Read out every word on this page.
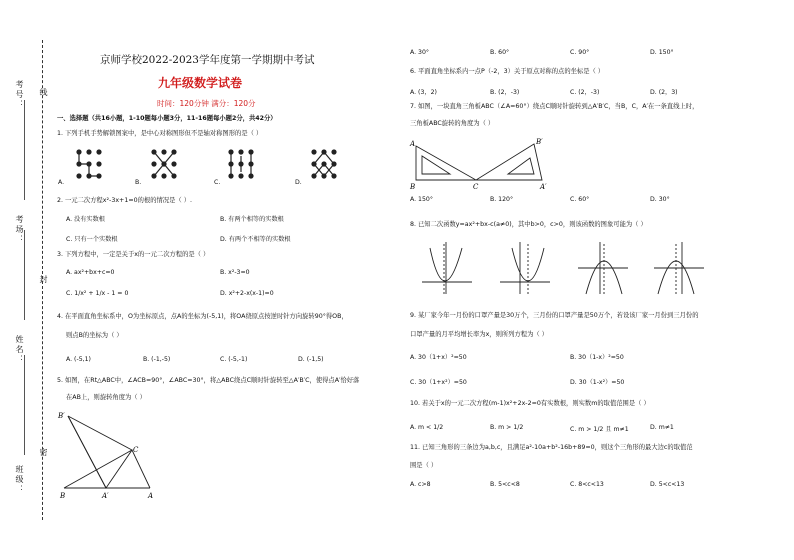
考号：
考场：
姓名：
班级：
线
封
密
京师学校2022-2023学年度第一学期期中考试
九年级数学试卷
时间：120分钟 满分：120分
一、选择题（共16小题，1-10题每小题3分，11-16题每小题2分，共42分）
1. 下列手机手势解锁图案中，是中心对称图形但不是轴对称图形的是（ ）
A.	B.	C.	D.
2. 一元二次方程x²-3x+1=0的根的情况是（ ）.
A. 没有实数根	B. 有两个相等的实数根
C. 只有一个实数根	D. 有两个不相等的实数根
3. 下列方程中，一定是关于x的一元二次方程的是（ ）
A. ax²+bx+c=0	B. x²-3=0
C. 1/x² + 1/x - 1 = 0	D. x²+2-x(x-1)=0
4. 在平面直角坐标系中，O为坐标原点，点A的坐标为(-5,1)，将OA绕原点按逆时针方向旋转90°得OB，
则点B的坐标为（ ）
A. (-5,1)	B. (-1,-5)	C. (-5,-1)	D. (-1,5)
5. 如图，在Rt△ABC中，∠ACB=90°，∠ABC=30°，将△ABC绕点C顺时针旋转至△A′B′C，使得点A′恰好落
在AB上，则旋转角度为（ ）
B′
C
B	A′	A
A. 30°	B. 60°	C. 90°	D. 150°
6. 平面直角坐标系内一点P（-2，3）关于原点对称的点的坐标是（ ）
A. (3，2)	B. (2，-3)	C. (2，-3)	D. (2，3)
7. 如图，一块直角三角板ABC（∠A=60°）绕点C顺时针旋转到△A′B′C，当B，C，A′在一条直线上时，
三角板ABC旋转的角度为（ ）
A
B	C
B′
A′
A. 150°	B. 120°	C. 60°	D. 30°
8. 已知二次函数y=ax²+bx-c(a≠0)，其中b>0，c>0，则该函数的图象可能为（ ）
9. 某厂家今年一月份的口罩产量是30万个，三月份的口罩产量是50万个，若设该厂家一月份到三月份的
口罩产量的月平均增长率为x，则所列方程为（ ）
A. 30（1+x）²=50	B. 30（1-x）²=50
C. 30（1+x²）=50	D. 30（1-x²）=50
10. 若关于x的一元二次方程(m-1)x²+2x-2=0有实数根，则实数m的取值范围是（ ）
A. m < 1/2	B. m > 1/2	C. m > 1/2 且 m≠1	D. m≠1
11. 已知三角形的三条边为a,b,c，且满足a²-10a+b²-16b+89=0，则这个三角形的最大边c的取值范
围是（ ）
A. c>8	B. 5<c<8	C. 8<c<13	D. 5<c<13
